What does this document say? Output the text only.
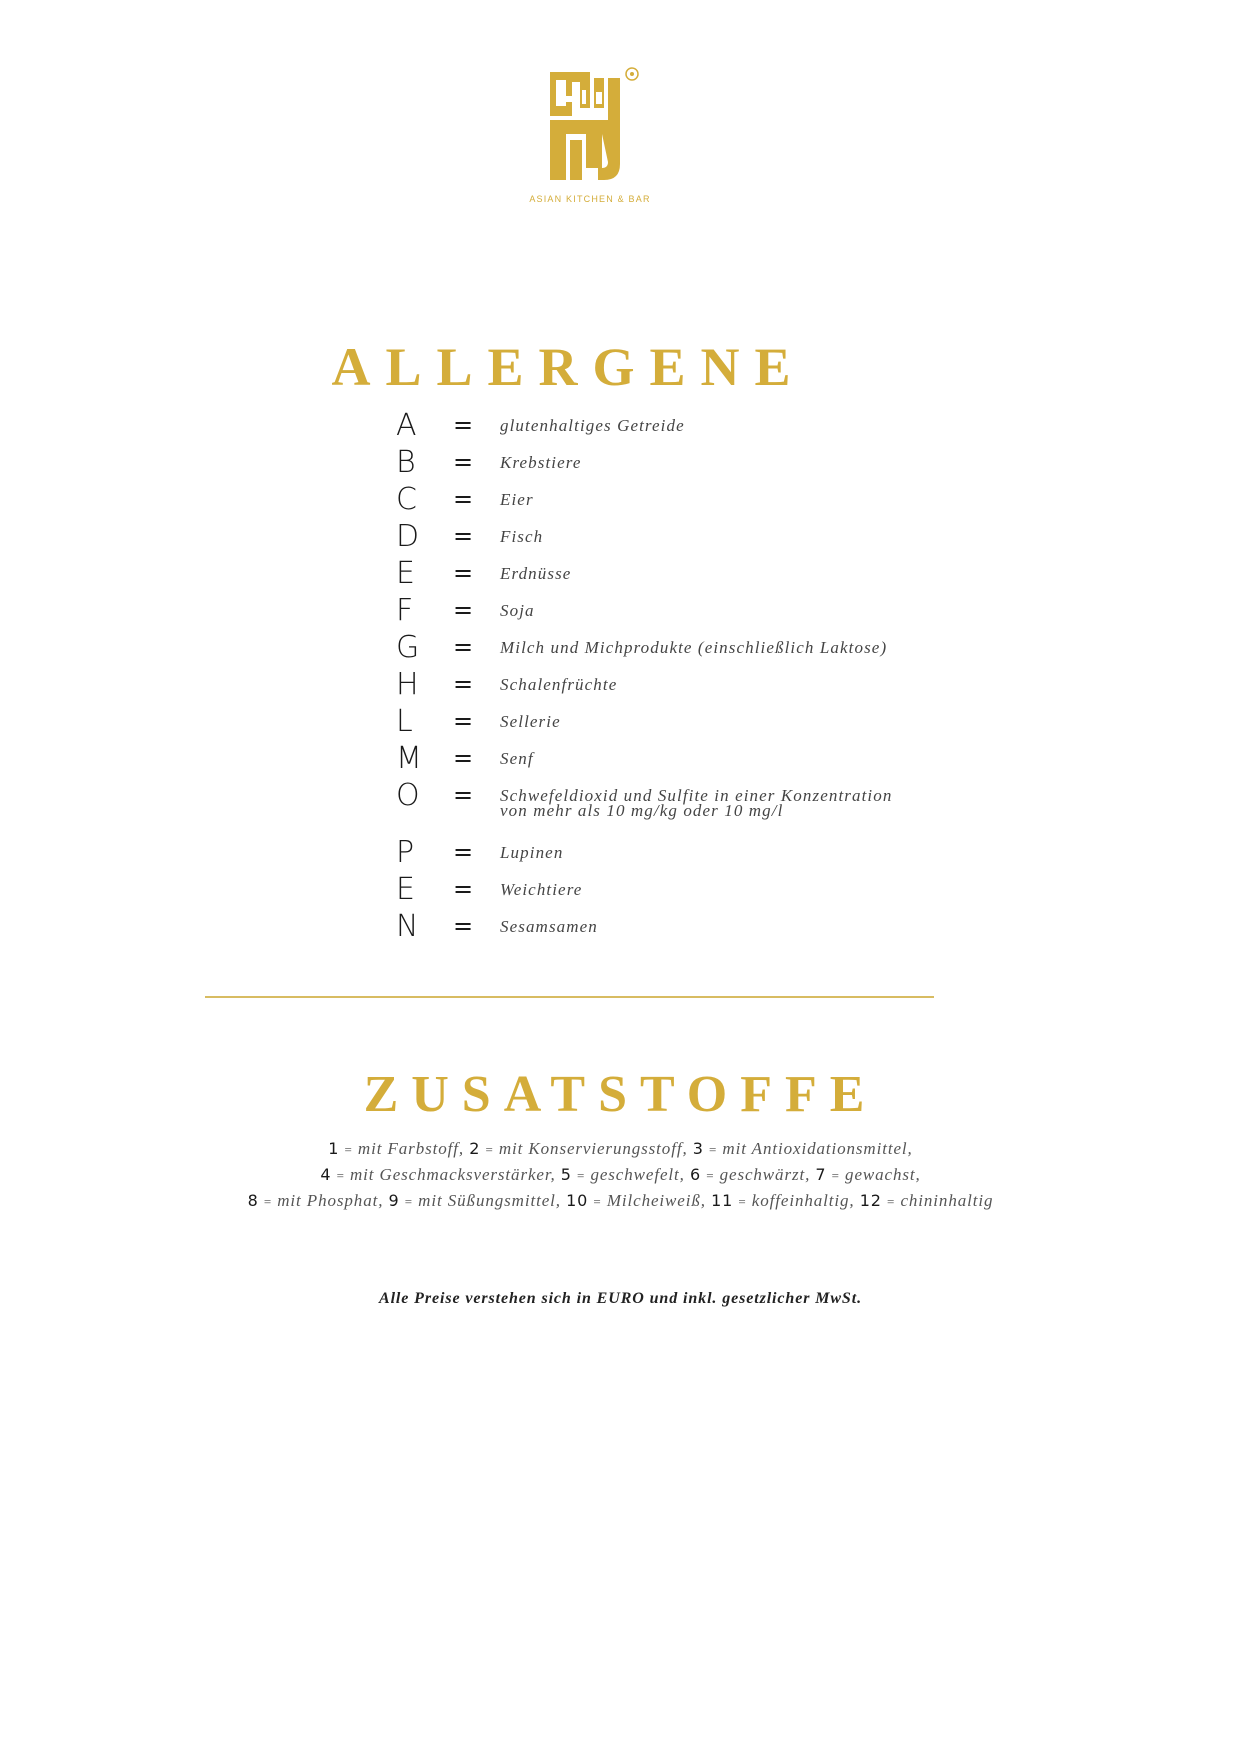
ASIAN KITCHEN & BAR
ALLERGENE
A = glutenhaltiges Getreide
B = Krebstiere
C = Eier
D = Fisch
E = Erdnüsse
F = Soja
G = Milch und Michprodukte (einschließlich Laktose)
H = Schalenfrüchte
L = Sellerie
M = Senf
O = Schwefeldioxid und Sulfite in einer Konzentration
von mehr als 10 mg/kg oder 10 mg/l
P = Lupinen
E = Weichtiere
N = Sesamsamen
ZUSATSTOFFE
1 = mit Farbstoff, 2 = mit Konservierungsstoff, 3 = mit Antioxidationsmittel,
4 = mit Geschmacksverstärker, 5 = geschwefelt, 6 = geschwärzt, 7 = gewachst,
8 = mit Phosphat, 9 = mit Süßungsmittel, 10 = Milcheiweiß, 11 = koffeinhaltig, 12 = chininhaltig
Alle Preise verstehen sich in EURO und inkl. gesetzlicher MwSt.
